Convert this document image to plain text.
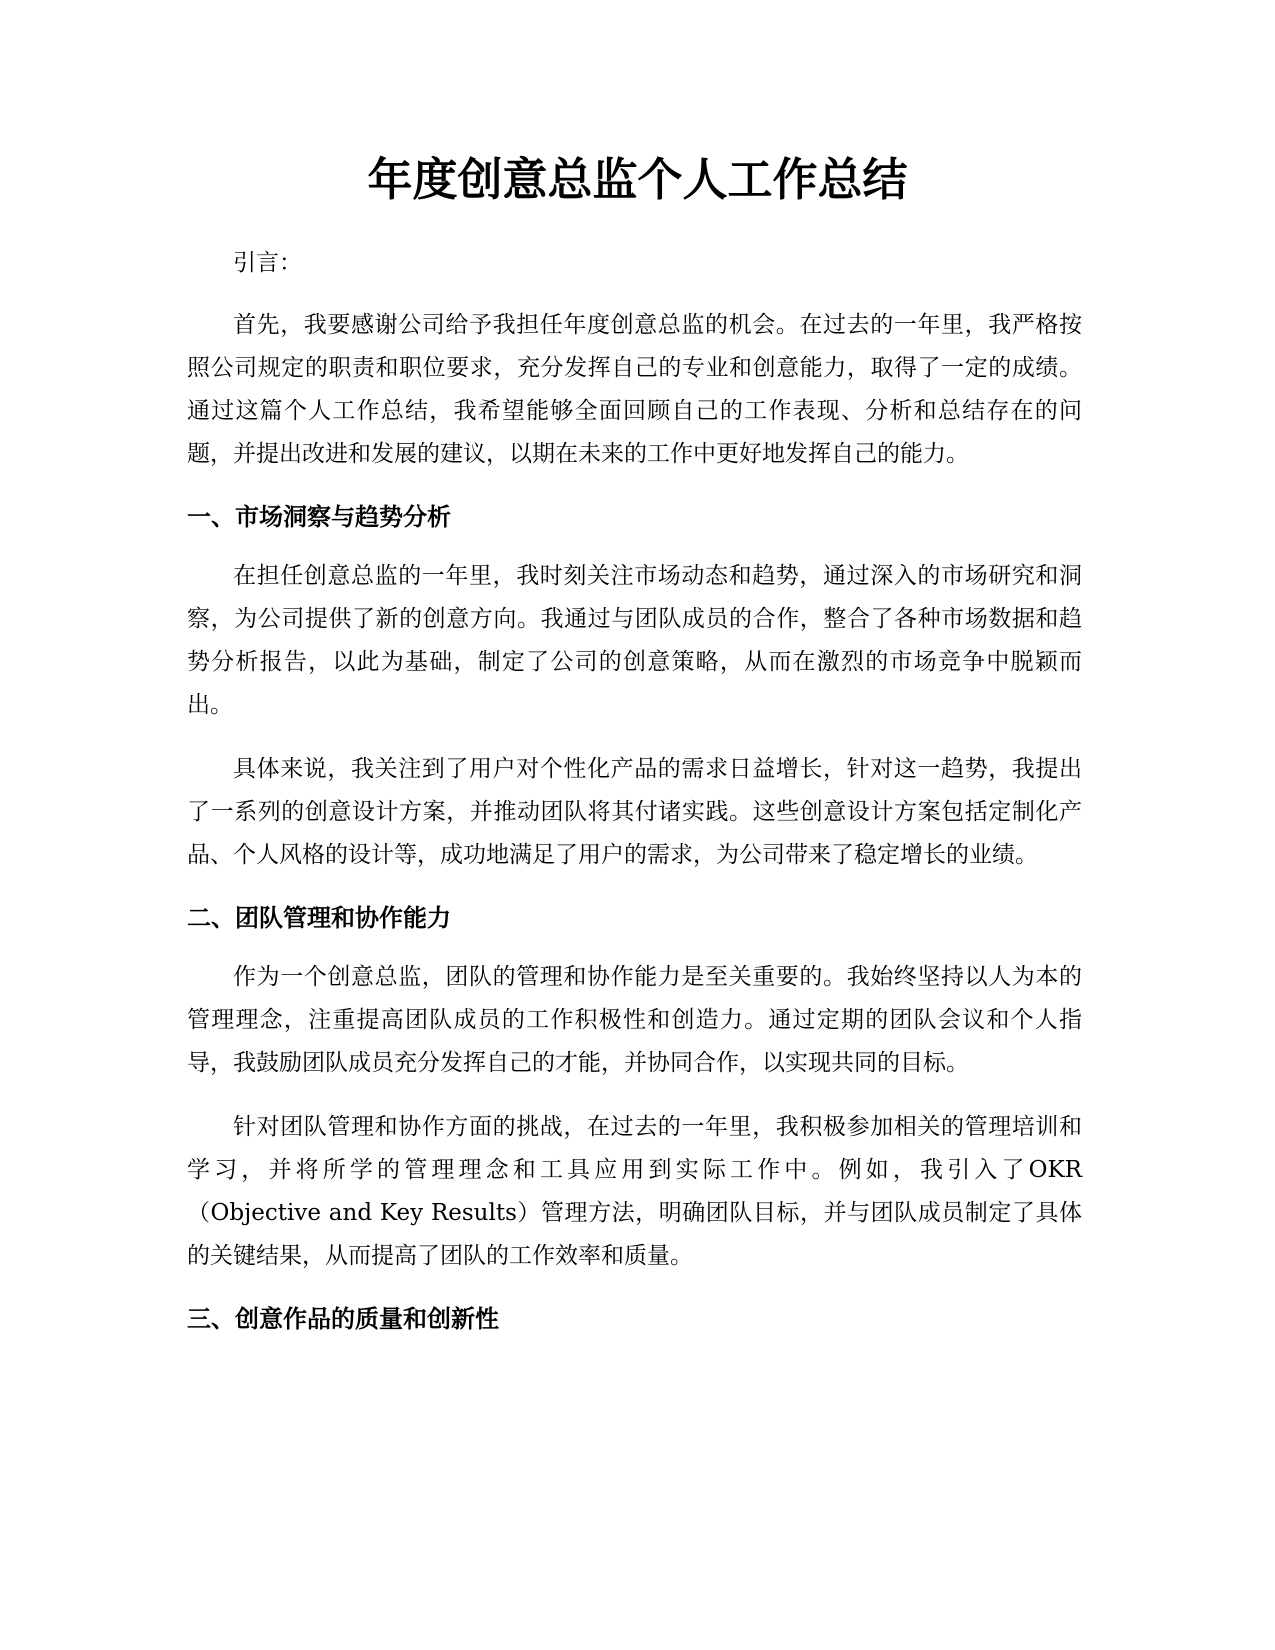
年度创意总监个人工作总结

引言：

首先，我要感谢公司给予我担任年度创意总监的机会。在过去的一年里，我严格按照公司规定的职责和职位要求，充分发挥自己的专业和创意能力，取得了一定的成绩。通过这篇个人工作总结，我希望能够全面回顾自己的工作表现、分析和总结存在的问题，并提出改进和发展的建议，以期在未来的工作中更好地发挥自己的能力。

一、市场洞察与趋势分析

在担任创意总监的一年里，我时刻关注市场动态和趋势，通过深入的市场研究和洞察，为公司提供了新的创意方向。我通过与团队成员的合作，整合了各种市场数据和趋势分析报告，以此为基础，制定了公司的创意策略，从而在激烈的市场竞争中脱颖而出。

具体来说，我关注到了用户对个性化产品的需求日益增长，针对这一趋势，我提出了一系列的创意设计方案，并推动团队将其付诸实践。这些创意设计方案包括定制化产品、个人风格的设计等，成功地满足了用户的需求，为公司带来了稳定增长的业绩。

二、团队管理和协作能力

作为一个创意总监，团队的管理和协作能力是至关重要的。我始终坚持以人为本的管理理念，注重提高团队成员的工作积极性和创造力。通过定期的团队会议和个人指导，我鼓励团队成员充分发挥自己的才能，并协同合作，以实现共同的目标。

针对团队管理和协作方面的挑战，在过去的一年里，我积极参加相关的管理培训和学习，并将所学的管理理念和工具应用到实际工作中。例如，我引入了OKR（Objective and Key Results）管理方法，明确团队目标，并与团队成员制定了具体的关键结果，从而提高了团队的工作效率和质量。

三、创意作品的质量和创新性
